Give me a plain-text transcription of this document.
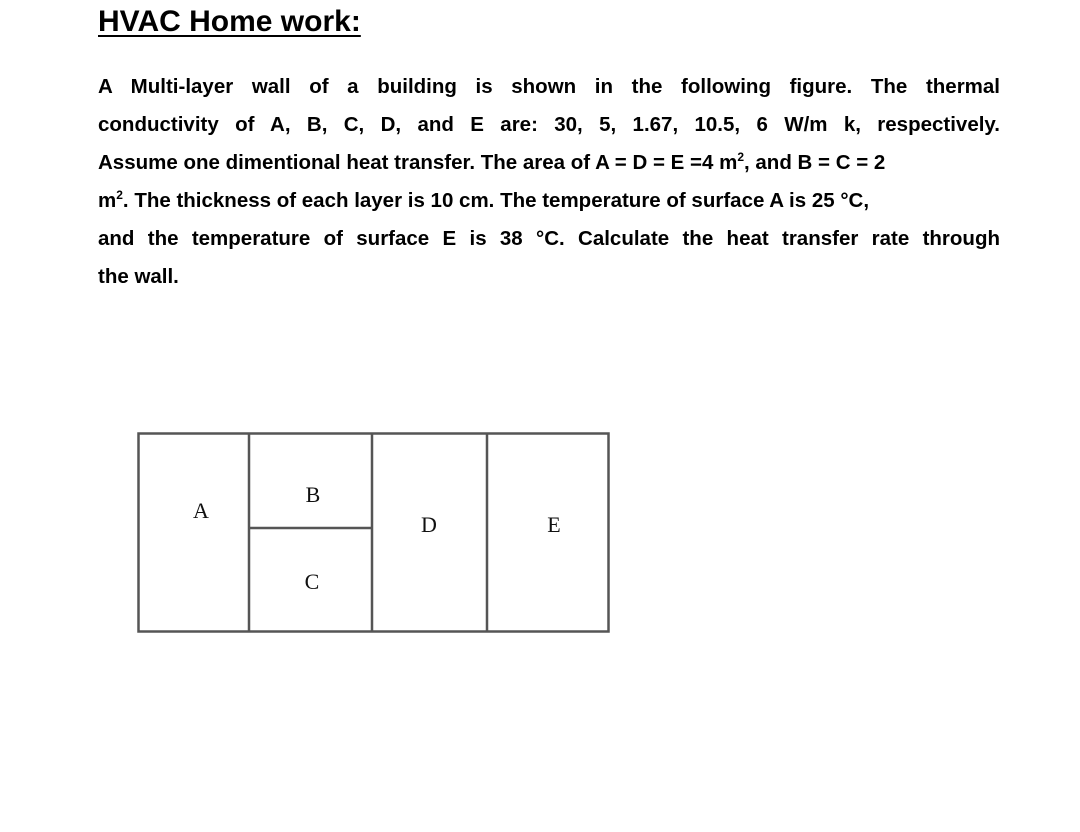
HVAC Home work:
A Multi-layer wall of a building is shown in the following figure. The thermal
conductivity of A, B, C, D, and E are: 30, 5, 1.67, 10.5, 6 W/m k, respectively.
Assume one dimentional heat transfer. The area of A = D = E =4 $m^2$, and B = C = 2
$m^2$. The thickness of each layer is 10 cm. The temperature of surface A is 25 °C,
and the temperature of surface E is 38 °C. Calculate the heat transfer rate through
the wall.
A
B
C
D	E
